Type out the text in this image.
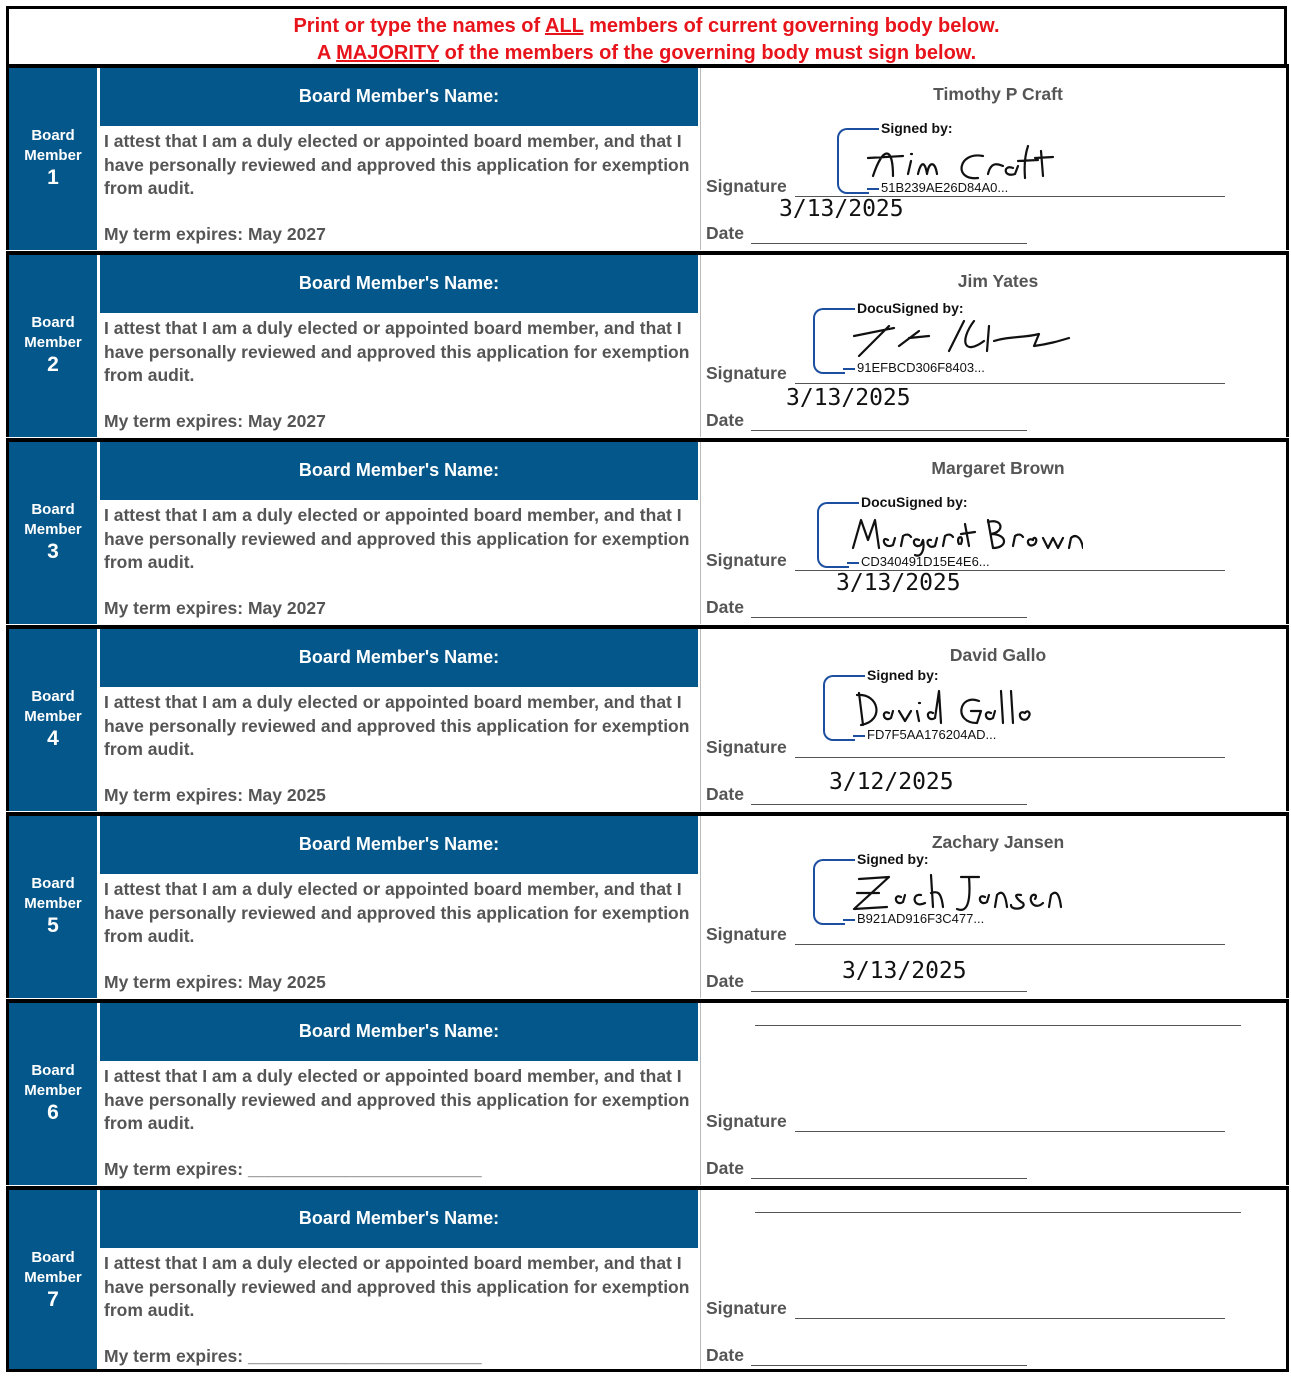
Print or type the names of ALL members of current governing body below.
A MAJORITY of the members of the governing body must sign below.
Board
Member
1
Board Member's Name:
I attest that I am a duly elected or appointed board member, and that I have personally reviewed and approved this application for exemption from audit.
My term expires: May 2027
Timothy P Craft
Signature
Date
Signed by:
51B239AE26D84A0...
3/13/2025
Board
Member
2
Board Member's Name:
I attest that I am a duly elected or appointed board member, and that I have personally reviewed and approved this application for exemption from audit.
My term expires: May 2027
Jim Yates
Signature
Date
DocuSigned by:
91EFBCD306F8403...
3/13/2025
Board
Member
3
Board Member's Name:
I attest that I am a duly elected or appointed board member, and that I have personally reviewed and approved this application for exemption from audit.
My term expires: May 2027
Margaret Brown
Signature
Date
DocuSigned by:
CD340491D15E4E6...
3/13/2025
Board
Member
4
Board Member's Name:
I attest that I am a duly elected or appointed board member, and that I have personally reviewed and approved this application for exemption from audit.
My term expires: May 2025
David Gallo
Signature
Date
Signed by:
FD7F5AA176204AD...
3/12/2025
Board
Member
5
Board Member's Name:
I attest that I am a duly elected or appointed board member, and that I have personally reviewed and approved this application for exemption from audit.
My term expires: May 2025
Zachary Jansen
Signature
Date
Signed by:
B921AD916F3C477...
3/13/2025
Board
Member
6
Board Member's Name:
I attest that I am a duly elected or appointed board member, and that I have personally reviewed and approved this application for exemption from audit.
My term expires: ________________________
Signature
Date
Board
Member
7
Board Member's Name:
I attest that I am a duly elected or appointed board member, and that I have personally reviewed and approved this application for exemption from audit.
My term expires: ________________________
Signature
Date
